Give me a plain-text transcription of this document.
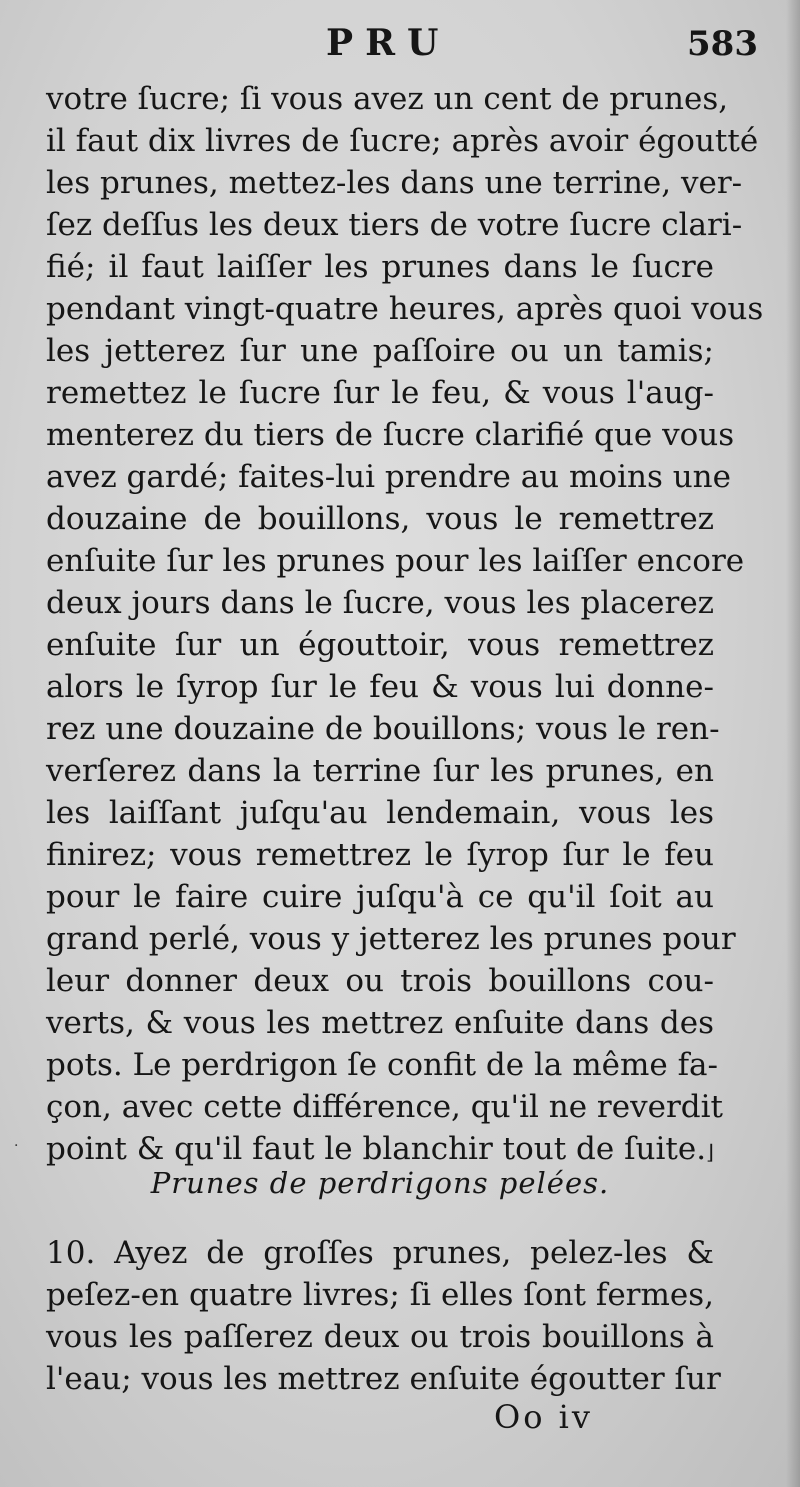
PRU	583
votre ſucre; ſi vous avez un cent de prunes,
il faut dix livres de ſucre; après avoir égoutté
les prunes, mettez-les dans une terrine, ver-
ſez deſſus les deux tiers de votre ſucre clari-
fié; il faut laiſſer les prunes dans le ſucre
pendant vingt-quatre heures, après quoi vous
les jetterez ſur une paſſoire ou un tamis;
remettez le ſucre ſur le feu, & vous l'aug-
menterez du tiers de ſucre clarifié que vous
avez gardé; faites-lui prendre au moins une
douzaine de bouillons, vous le remettrez
enſuite ſur les prunes pour les laiſſer encore
deux jours dans le ſucre, vous les placerez
enſuite ſur un égouttoir, vous remettrez
alors le ſyrop ſur le feu & vous lui donne-
rez une douzaine de bouillons; vous le ren-
verſerez dans la terrine ſur les prunes, en
les laiſſant juſqu'au lendemain, vous les
finirez; vous remettrez le ſyrop ſur le feu
pour le faire cuire juſqu'à ce qu'il ſoit au
grand perlé, vous y jetterez les prunes pour
leur donner deux ou trois bouillons cou-
verts, & vous les mettrez enſuite dans des
pots. Le perdrigon ſe confit de la même fa-
çon, avec cette différence, qu'il ne reverdit
point & qu'il faut le blanchir tout de ſuite.⌋
Prunes de perdrigons pelées.
10. Ayez de groſſes prunes, pelez-les &
peſez-en quatre livres; ſi elles ſont fermes,
vous les paſſerez deux ou trois bouillons à
l'eau; vous les mettrez enſuite égoutter ſur
Oo iv
·
